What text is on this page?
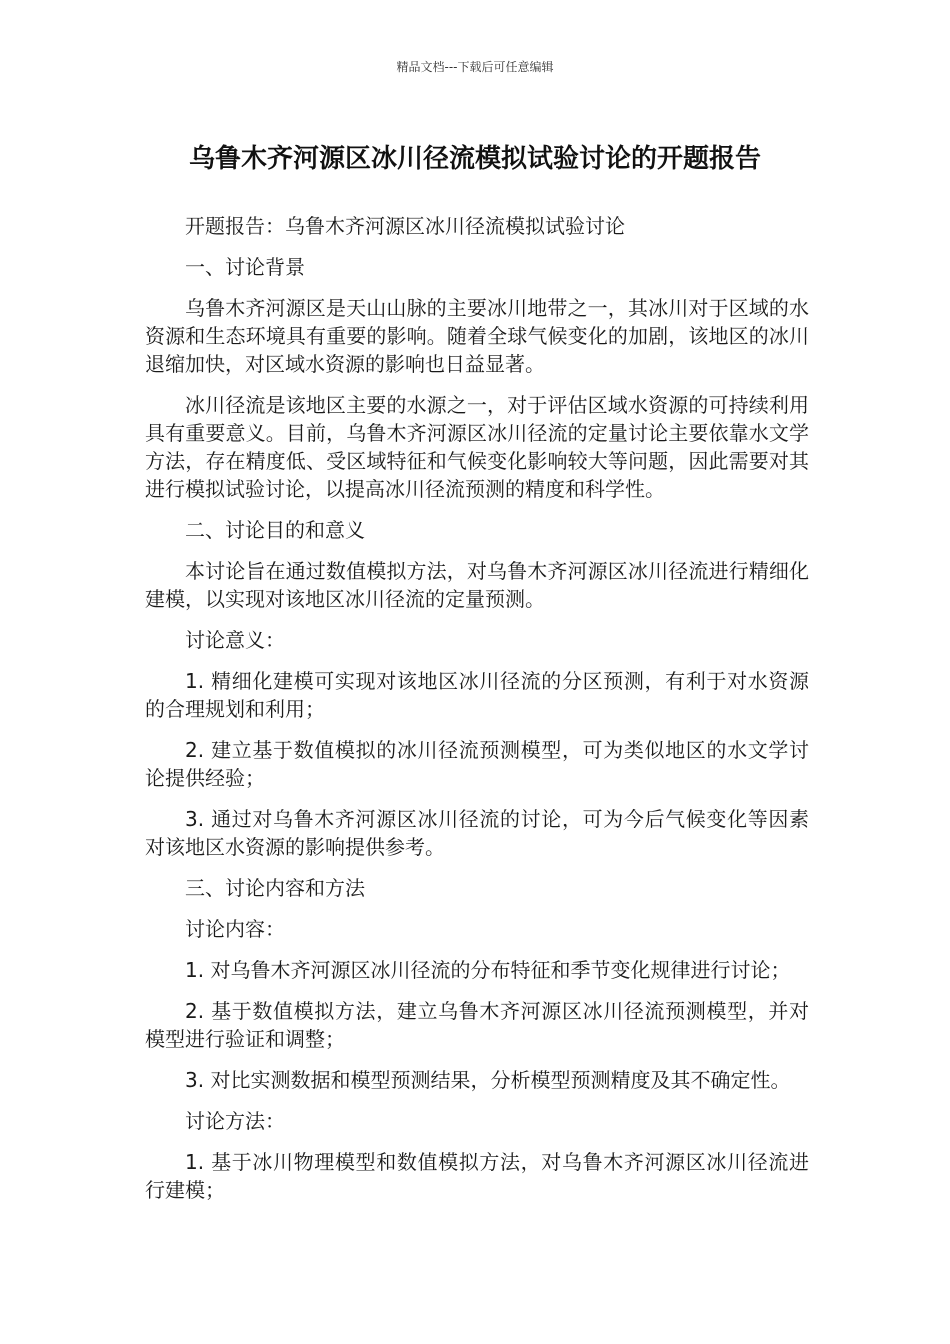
精品文档---下载后可任意编辑
乌鲁木齐河源区冰川径流模拟试验讨论的开题报告

开题报告：乌鲁木齐河源区冰川径流模拟试验讨论

一、讨论背景

乌鲁木齐河源区是天山山脉的主要冰川地带之一，其冰川对于区域的水资源和生态环境具有重要的影响。随着全球气候变化的加剧，该地区的冰川退缩加快，对区域水资源的影响也日益显著。

冰川径流是该地区主要的水源之一，对于评估区域水资源的可持续利用具有重要意义。目前，乌鲁木齐河源区冰川径流的定量讨论主要依靠水文学方法，存在精度低、受区域特征和气候变化影响较大等问题，因此需要对其进行模拟试验讨论，以提高冰川径流预测的精度和科学性。

二、讨论目的和意义

本讨论旨在通过数值模拟方法，对乌鲁木齐河源区冰川径流进行精细化建模，以实现对该地区冰川径流的定量预测。

讨论意义：

1. 精细化建模可实现对该地区冰川径流的分区预测，有利于对水资源的合理规划和利用；

2. 建立基于数值模拟的冰川径流预测模型，可为类似地区的水文学讨论提供经验；

3. 通过对乌鲁木齐河源区冰川径流的讨论，可为今后气候变化等因素对该地区水资源的影响提供参考。

三、讨论内容和方法

讨论内容：

1. 对乌鲁木齐河源区冰川径流的分布特征和季节变化规律进行讨论；

2. 基于数值模拟方法，建立乌鲁木齐河源区冰川径流预测模型，并对模型进行验证和调整；

3. 对比实测数据和模型预测结果，分析模型预测精度及其不确定性。

讨论方法：

1. 基于冰川物理模型和数值模拟方法，对乌鲁木齐河源区冰川径流进行建模；
